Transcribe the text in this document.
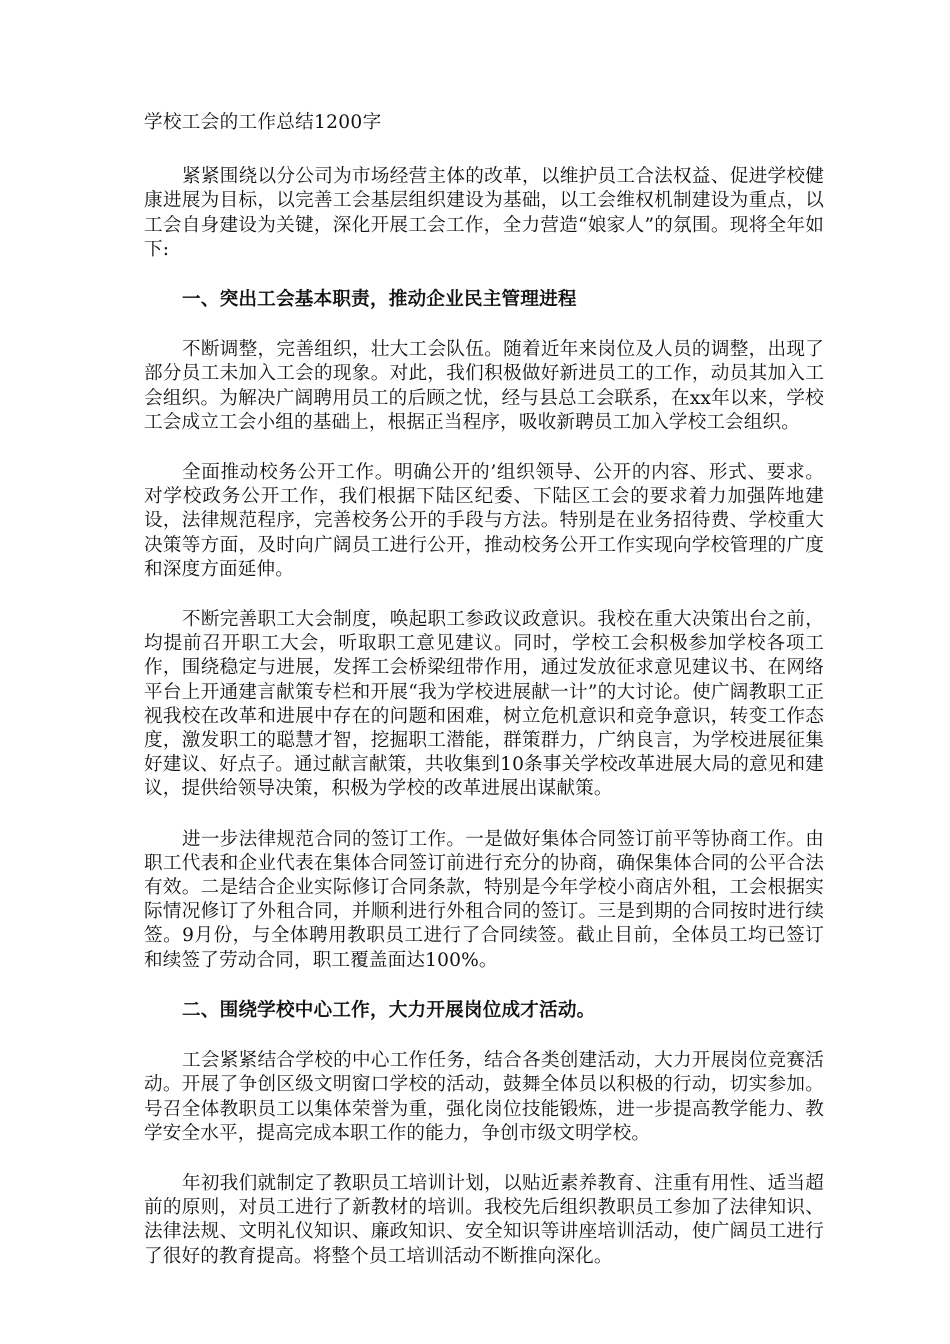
学校工会的工作总结1200字

紧紧围绕以分公司为市场经营主体的改革，以维护员工合法权益、促进学校健康进展为目标，以完善工会基层组织建设为基础，以工会维权机制建设为重点，以工会自身建设为关键，深化开展工会工作，全力营造“娘家人”的氛围。现将全年如下:

一、突出工会基本职责，推动企业民主管理进程

不断调整，完善组织，壮大工会队伍。随着近年来岗位及人员的调整，出现了部分员工未加入工会的现象。对此，我们积极做好新进员工的工作，动员其加入工会组织。为解决广阔聘用员工的后顾之忧，经与县总工会联系，在xx年以来，学校工会成立工会小组的基础上，根据正当程序，吸收新聘员工加入学校工会组织。

全面推动校务公开工作。明确公开的’组织领导、公开的内容、形式、要求。对学校政务公开工作，我们根据下陆区纪委、下陆区工会的要求着力加强阵地建设，法律规范程序，完善校务公开的手段与方法。特别是在业务招待费、学校重大决策等方面，及时向广阔员工进行公开，推动校务公开工作实现向学校管理的广度和深度方面延伸。

不断完善职工大会制度，唤起职工参政议政意识。我校在重大决策出台之前，均提前召开职工大会，听取职工意见建议。同时，学校工会积极参加学校各项工作，围绕稳定与进展，发挥工会桥梁纽带作用，通过发放征求意见建议书、在网络平台上开通建言献策专栏和开展“我为学校进展献一计”的大讨论。使广阔教职工正视我校在改革和进展中存在的问题和困难，树立危机意识和竞争意识，转变工作态度，激发职工的聪慧才智，挖掘职工潜能，群策群力，广纳良言，为学校进展征集好建议、好点子。通过献言献策，共收集到10条事关学校改革进展大局的意见和建议，提供给领导决策，积极为学校的改革进展出谋献策。

进一步法律规范合同的签订工作。一是做好集体合同签订前平等协商工作。由职工代表和企业代表在集体合同签订前进行充分的协商，确保集体合同的公平合法有效。二是结合企业实际修订合同条款，特别是今年学校小商店外租，工会根据实际情况修订了外租合同，并顺利进行外租合同的签订。三是到期的合同按时进行续签。9月份，与全体聘用教职员工进行了合同续签。截止目前，全体员工均已签订和续签了劳动合同，职工覆盖面达100%。

二、围绕学校中心工作，大力开展岗位成才活动。

工会紧紧结合学校的中心工作任务，结合各类创建活动，大力开展岗位竞赛活动。开展了争创区级文明窗口学校的活动，鼓舞全体员以积极的行动，切实参加。号召全体教职员工以集体荣誉为重，强化岗位技能锻炼，进一步提高教学能力、教学安全水平，提高完成本职工作的能力，争创市级文明学校。

年初我们就制定了教职员工培训计划，以贴近素养教育、注重有用性、适当超前的原则，对员工进行了新教材的培训。我校先后组织教职员工参加了法律知识、法律法规、文明礼仪知识、廉政知识、安全知识等讲座培训活动，使广阔员工进行了很好的教育提高。将整个员工培训活动不断推向深化。
